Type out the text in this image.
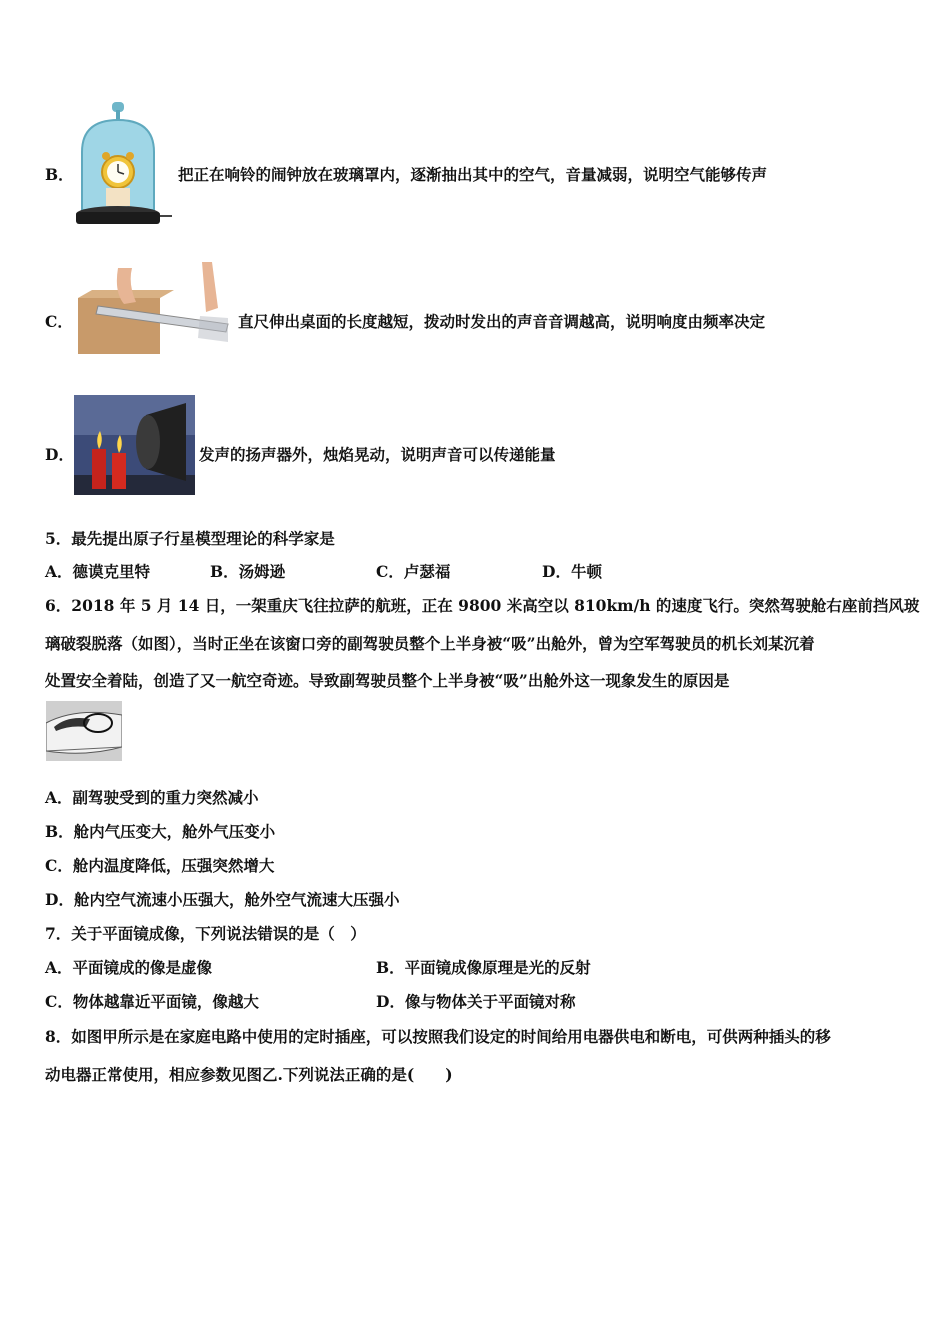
B．	把正在响铃的闹钟放在玻璃罩内，逐渐抽出其中的空气，音量减弱，说明空气能够传声
C．	直尺伸出桌面的长度越短，拨动时发出的声音音调越高，说明响度由频率决定
D．	发声的扬声器外，烛焰晃动，说明声音可以传递能量
5．最先提出原子行星模型理论的科学家是
A．德谟克里特	B．汤姆逊	C．卢瑟福	D．牛顿
6．2018 年 5 月 14 日，一架重庆飞往拉萨的航班，正在 9800 米高空以 810km/h 的速度飞行。突然驾驶舱右座前挡风玻
璃破裂脱落（如图），当时正坐在该窗口旁的副驾驶员整个上半身被“吸”出舱外，曾为空军驾驶员的机长刘某沉着
处置安全着陆，创造了又一航空奇迹。导致副驾驶员整个上半身被“吸”出舱外这一现象发生的原因是
A．副驾驶受到的重力突然减小
B．舱内气压变大，舱外气压变小
C．舱内温度降低，压强突然增大
D．舱内空气流速小压强大，舱外空气流速大压强小
7．关于平面镜成像，下列说法错误的是（　）
A．平面镜成的像是虚像	B．平面镜成像原理是光的反射
C．物体越靠近平面镜，像越大	D．像与物体关于平面镜对称
8．如图甲所示是在家庭电路中使用的定时插座，可以按照我们设定的时间给用电器供电和断电，可供两种插头的移
动电器正常使用，相应参数见图乙.下列说法正确的是(　　)
